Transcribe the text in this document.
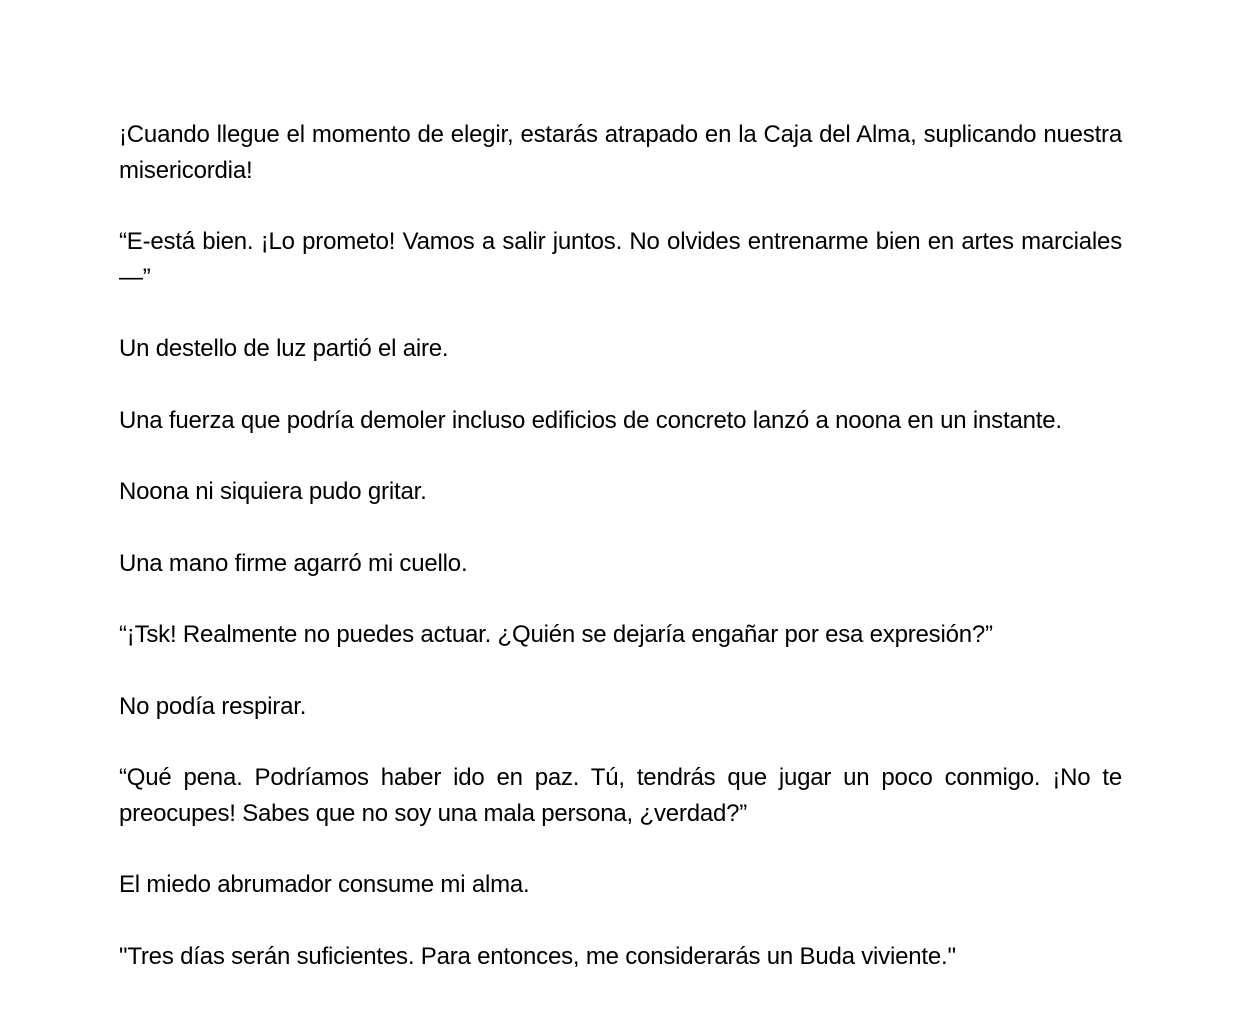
¡Cuando llegue el momento de elegir, estarás atrapado en la Caja del Alma, suplicando nuestra misericordia!

“E-está bien. ¡Lo prometo! Vamos a salir juntos. No olvides entrenarme bien en artes marciales—”

Un destello de luz partió el aire.

Una fuerza que podría demoler incluso edificios de concreto lanzó a noona en un instante.

Noona ni siquiera pudo gritar.

Una mano firme agarró mi cuello.

“¡Tsk! Realmente no puedes actuar. ¿Quién se dejaría engañar por esa expresión?”

No podía respirar.

“Qué pena. Podríamos haber ido en paz. Tú, tendrás que jugar un poco conmigo. ¡No te preocupes! Sabes que no soy una mala persona, ¿verdad?”

El miedo abrumador consume mi alma.

"Tres días serán suficientes. Para entonces, me considerarás un Buda viviente."
